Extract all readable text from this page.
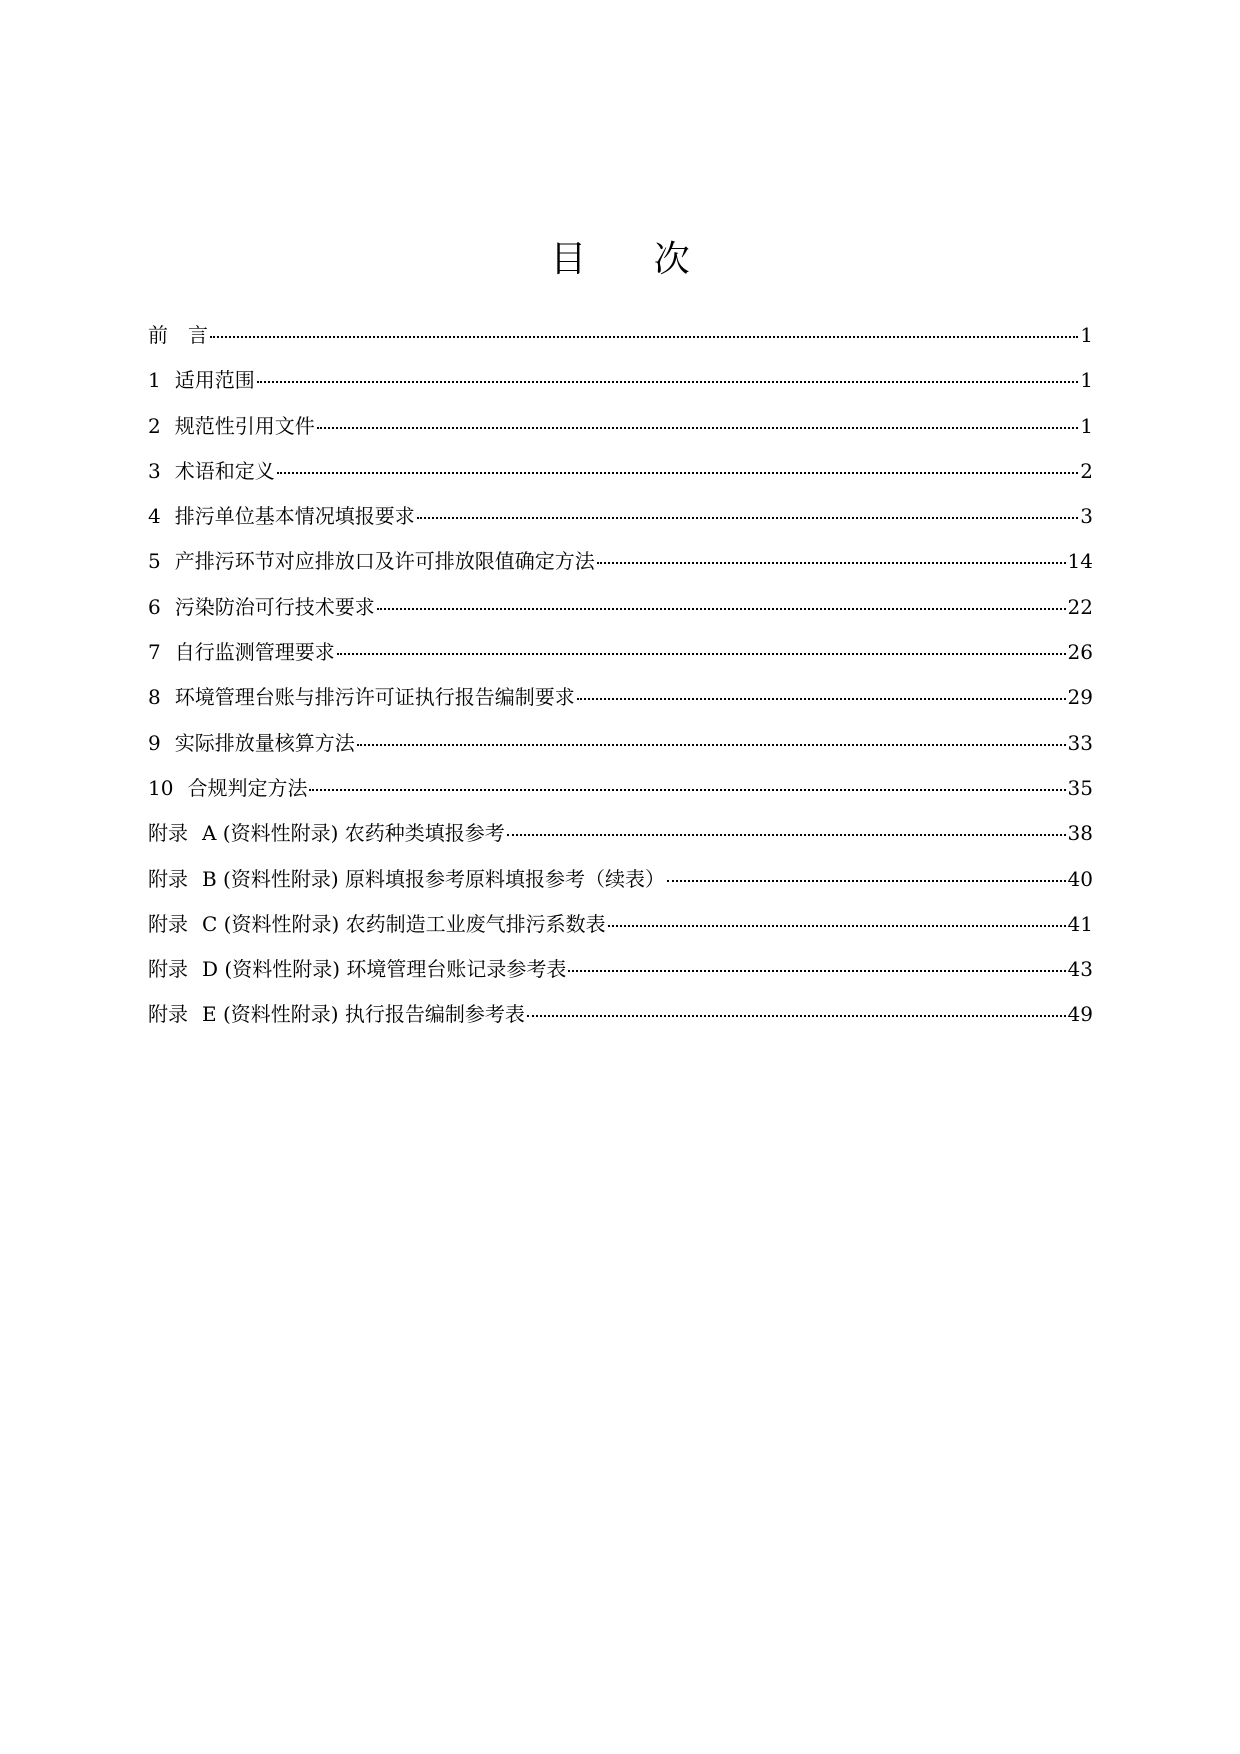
目 次
前　言	1
1 适用范围	1
2 规范性引用文件	1
3 术语和定义	2
4 排污单位基本情况填报要求	3
5 产排污环节对应排放口及许可排放限值确定方法	14
6 污染防治可行技术要求	22
7 自行监测管理要求	26
8 环境管理台账与排污许可证执行报告编制要求	29
9 实际排放量核算方法	33
10 合规判定方法	35
附录 A (资料性附录) 农药种类填报参考	38
附录 B (资料性附录) 原料填报参考原料填报参考（续表）	40
附录 C (资料性附录) 农药制造工业废气排污系数表	41
附录 D (资料性附录) 环境管理台账记录参考表	43
附录 E (资料性附录) 执行报告编制参考表	49
